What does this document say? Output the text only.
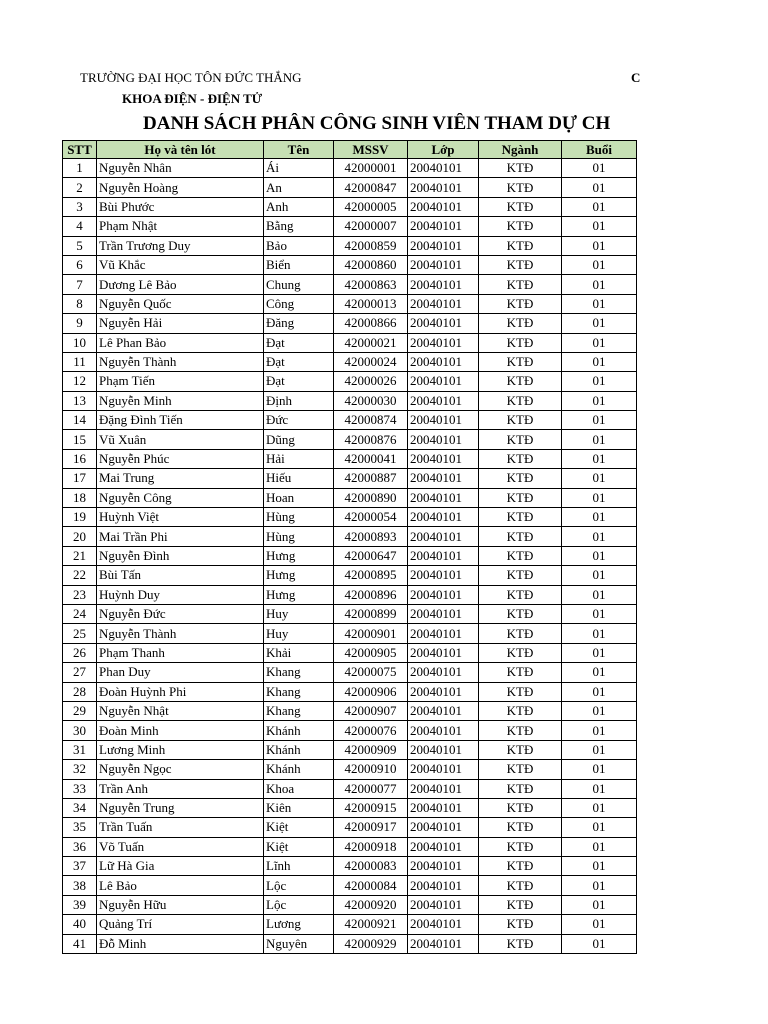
TRƯỜNG ĐẠI HỌC TÔN ĐỨC THẮNG	C
KHOA ĐIỆN - ĐIỆN TỬ
DANH SÁCH PHÂN CÔNG SINH VIÊN THAM DỰ CH
STT	Họ và tên lót	Tên	MSSV	Lớp	Ngành	Buổi
1	Nguyễn Nhân	Ái	42000001	20040101	KTĐ	01
2	Nguyễn Hoàng	An	42000847	20040101	KTĐ	01
3	Bùi Phước	Anh	42000005	20040101	KTĐ	01
4	Phạm Nhật	Bằng	42000007	20040101	KTĐ	01
5	Trần Trương Duy	Bảo	42000859	20040101	KTĐ	01
6	Vũ Khắc	Biển	42000860	20040101	KTĐ	01
7	Dương Lê Bảo	Chung	42000863	20040101	KTĐ	01
8	Nguyễn Quốc	Công	42000013	20040101	KTĐ	01
9	Nguyễn Hải	Đăng	42000866	20040101	KTĐ	01
10	Lê Phan Bảo	Đạt	42000021	20040101	KTĐ	01
11	Nguyễn Thành	Đạt	42000024	20040101	KTĐ	01
12	Phạm Tiến	Đạt	42000026	20040101	KTĐ	01
13	Nguyễn Minh	Định	42000030	20040101	KTĐ	01
14	Đặng Đình Tiến	Đức	42000874	20040101	KTĐ	01
15	Vũ Xuân	Dũng	42000876	20040101	KTĐ	01
16	Nguyễn Phúc	Hải	42000041	20040101	KTĐ	01
17	Mai Trung	Hiếu	42000887	20040101	KTĐ	01
18	Nguyễn Công	Hoan	42000890	20040101	KTĐ	01
19	Huỳnh Việt	Hùng	42000054	20040101	KTĐ	01
20	Mai Trần Phi	Hùng	42000893	20040101	KTĐ	01
21	Nguyễn Đình	Hưng	42000647	20040101	KTĐ	01
22	Bùi Tấn	Hưng	42000895	20040101	KTĐ	01
23	Huỳnh Duy	Hưng	42000896	20040101	KTĐ	01
24	Nguyễn Đức	Huy	42000899	20040101	KTĐ	01
25	Nguyễn Thành	Huy	42000901	20040101	KTĐ	01
26	Phạm Thanh	Khải	42000905	20040101	KTĐ	01
27	Phan Duy	Khang	42000075	20040101	KTĐ	01
28	Đoàn Huỳnh Phi	Khang	42000906	20040101	KTĐ	01
29	Nguyễn Nhật	Khang	42000907	20040101	KTĐ	01
30	Đoàn Minh	Khánh	42000076	20040101	KTĐ	01
31	Lương Minh	Khánh	42000909	20040101	KTĐ	01
32	Nguyễn Ngọc	Khánh	42000910	20040101	KTĐ	01
33	Trần Anh	Khoa	42000077	20040101	KTĐ	01
34	Nguyễn Trung	Kiên	42000915	20040101	KTĐ	01
35	Trần Tuấn	Kiệt	42000917	20040101	KTĐ	01
36	Võ Tuấn	Kiệt	42000918	20040101	KTĐ	01
37	Lữ Hà Gia	Lĩnh	42000083	20040101	KTĐ	01
38	Lê Bảo	Lộc	42000084	20040101	KTĐ	01
39	Nguyễn Hữu	Lộc	42000920	20040101	KTĐ	01
40	Quảng Trí	Lương	42000921	20040101	KTĐ	01
41	Đỗ Minh	Nguyên	42000929	20040101	KTĐ	01
